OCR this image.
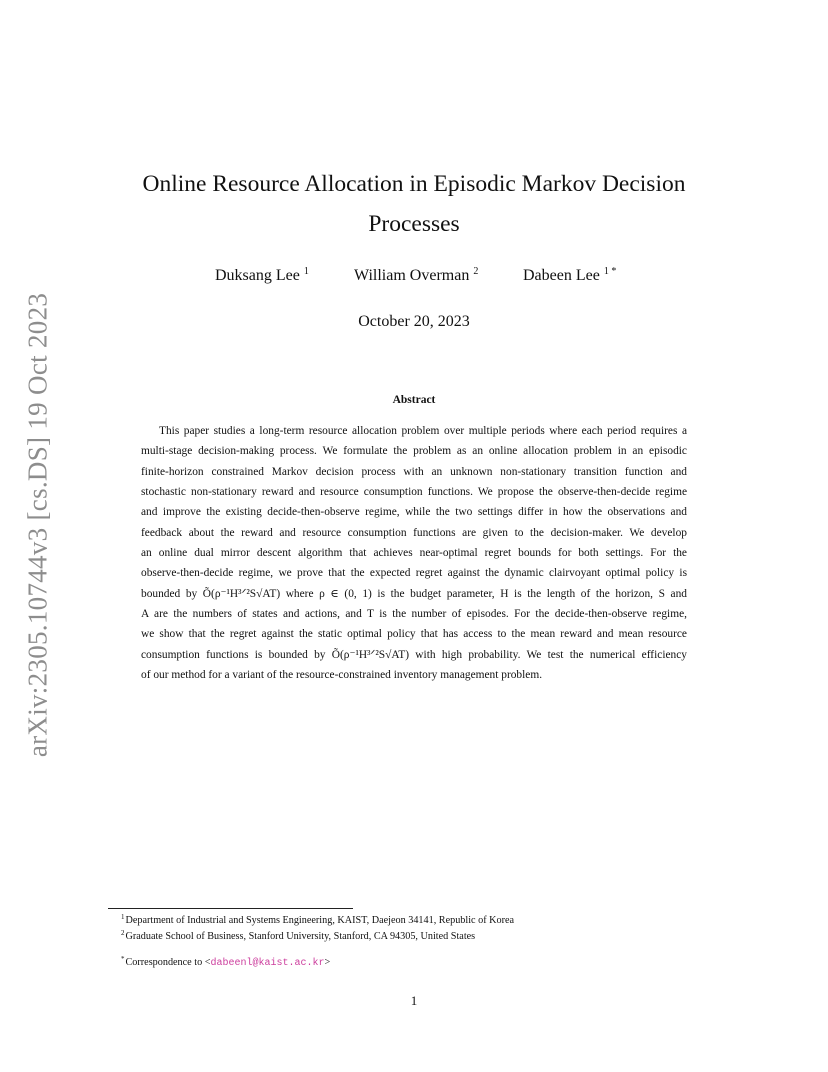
arXiv:2305.10744v3 [cs.DS] 19 Oct 2023
Online Resource Allocation in Episodic Markov Decision
Processes
Duksang Lee $^1$	William Overman $^2$	Dabeen Lee $^{1 *}$
October 20, 2023
Abstract
This paper studies a long-term resource allocation problem over multiple periods where each period requires a
multi-stage decision-making process. We formulate the problem as an online allocation problem in an episodic
finite-horizon constrained Markov decision process with an unknown non-stationary transition function and
stochastic non-stationary reward and resource consumption functions. We propose the observe-then-decide regime
and improve the existing decide-then-observe regime, while the two settings differ in how the observations and
feedback about the reward and resource consumption functions are given to the decision-maker. We develop
an online dual mirror descent algorithm that achieves near-optimal regret bounds for both settings. For the
observe-then-decide regime, we prove that the expected regret against the dynamic clairvoyant optimal policy is
bounded by Õ(ρ⁻¹H³ᐟ²S√AT) where ρ ∈ (0, 1) is the budget parameter, H is the length of the horizon, S and
A are the numbers of states and actions, and T is the number of episodes. For the decide-then-observe regime,
we show that the regret against the static optimal policy that has access to the mean reward and mean resource
consumption functions is bounded by Õ(ρ⁻¹H³ᐟ²S√AT) with high probability. We test the numerical efficiency
of our method for a variant of the resource-constrained inventory management problem.
$^1$Department of Industrial and Systems Engineering, KAIST, Daejeon 34141, Republic of Korea
$^2$Graduate School of Business, Stanford University, Stanford, CA 94305, United States
*Correspondence to <dabeenl@kaist.ac.kr>
1
